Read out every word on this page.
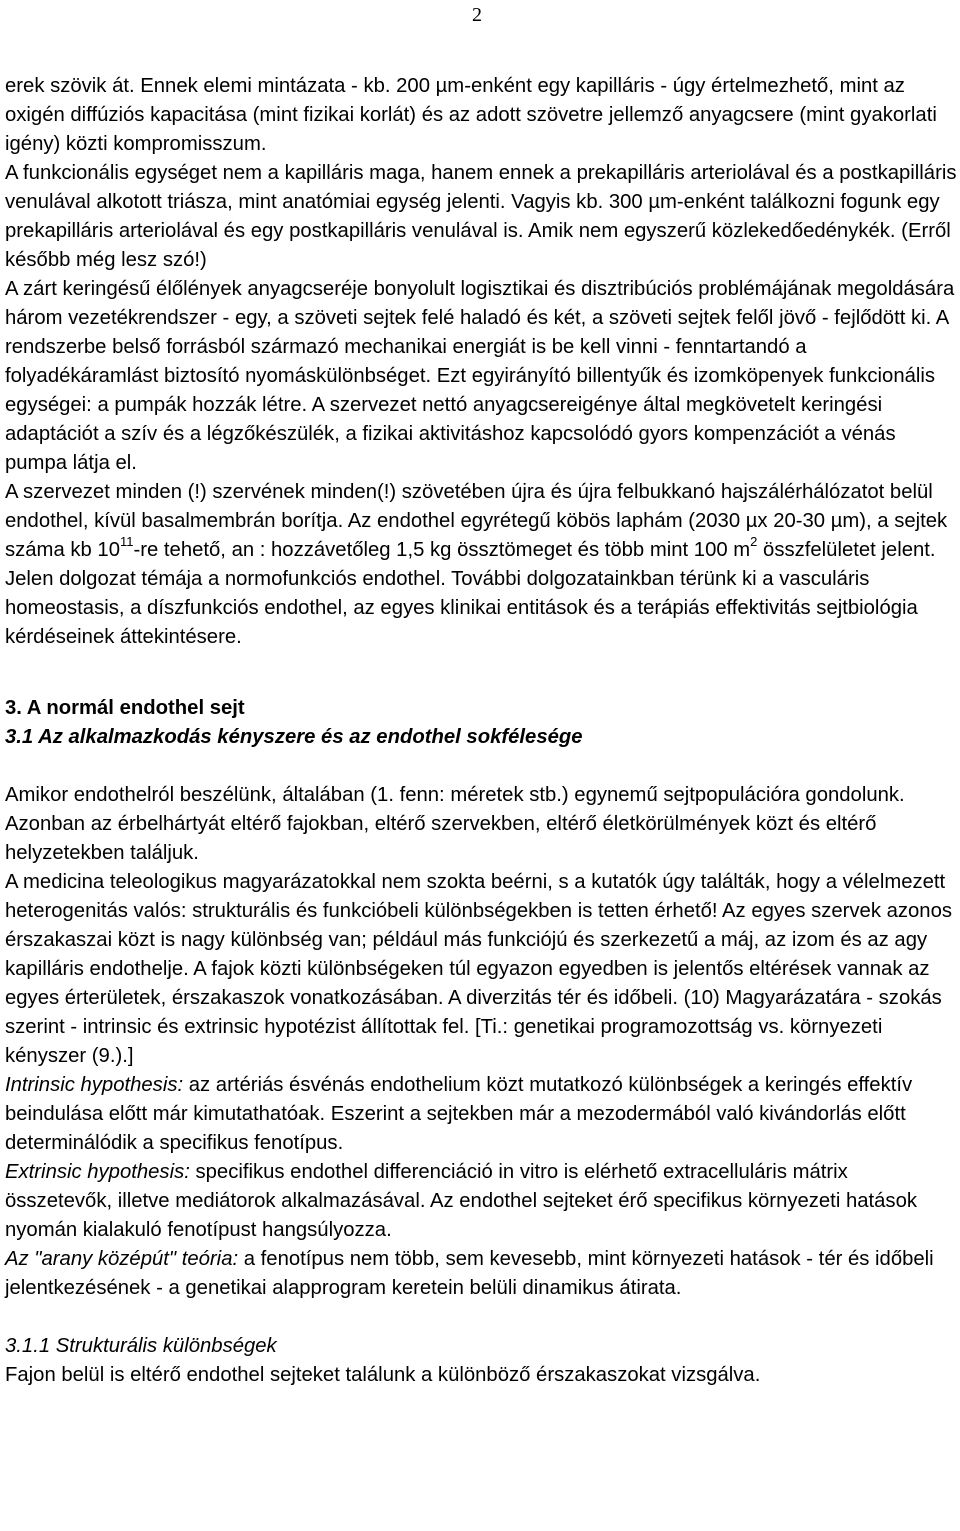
2

erek szövik át. Ennek elemi mintázata - kb. 200 µm-enként egy kapilláris - úgy értelmezhető, mint az oxigén diffúziós kapacitása (mint fizikai korlát) és az adott szövetre jellemző anyagcsere (mint gyakorlati igény) közti kompromisszum.

A funkcionális egységet nem a kapilláris maga, hanem ennek a prekapilláris arteriolával és a postkapilláris venulával alkotott triásza, mint anatómiai egység jelenti. Vagyis kb. 300 µm-enként találkozni fogunk egy prekapilláris arteriolával és egy postkapilláris venulával is. Amik nem egyszerű közlekedőedénykék. (Erről később még lesz szó!)

A zárt keringésű élőlények anyagcseréje bonyolult logisztikai és disztribúciós problémájának megoldására három vezetékrendszer - egy, a szöveti sejtek felé haladó és két, a szöveti sejtek felől jövő - fejlődött ki. A rendszerbe belső forrásból származó mechanikai energiát is be kell vinni - fenntartandó a folyadékáramlást biztosító nyomáskülönbséget. Ezt egyirányító billentyűk és izomköpenyek funkcionális egységei: a pumpák hozzák létre. A szervezet nettó anyagcsereigénye által megkövetelt keringési adaptációt a szív és a légzőkészülék, a fizikai aktivitáshoz kapcsolódó gyors kompenzációt a vénás pumpa látja el.

A szervezet minden (!) szervének minden(!) szövetében újra és újra felbukkanó hajszálérhálózatot belül endothel, kívül basalmembrán borítja. Az endothel egyrétegű köbös laphám (2030 µx 20-30 µm), a sejtek száma kb $10^{11}-re$ tehető, an : hozzávetőleg 1,5 kg össztömeget és több mint 100 $m^2$ összfelületet jelent.

Jelen dolgozat témája a normofunkciós endothel. További dolgozatainkban térünk ki a vasculáris homeostasis, a díszfunkciós endothel, az egyes klinikai entitások és a terápiás effektivitás sejtbiológia kérdéseinek áttekintésere.

3. A normál endothel sejt

3.1 Az alkalmazkodás kényszere és az endothel sokfélesége

Amikor endothelról beszélünk, általában (1. fenn: méretek stb.) egynemű sejtpopulációra gondolunk. Azonban az érbelhártyát eltérő fajokban, eltérő szervekben, eltérő életkörülmények közt és eltérő helyzetekben találjuk.

A medicina teleologikus magyarázatokkal nem szokta beérni, s a kutatók úgy találták, hogy a vélelmezett heterogenitás valós: strukturális és funkcióbeli különbségekben is tetten érhető! Az egyes szervek azonos érszakaszai közt is nagy különbség van; például más funkciójú és szerkezetű a máj, az izom és az agy kapilláris endothelje. A fajok közti különbségeken túl egyazon egyedben is jelentős eltérések vannak az egyes érterületek, érszakaszok vonatkozásában. A diverzitás tér és időbeli. (10) Magyarázatára - szokás szerint - intrinsic és extrinsic hypotézist állítottak fel. [Ti.: genetikai programozottság vs. környezeti kényszer (9.).]

Intrinsic hypothesis: az artériás ésvénás endothelium közt mutatkozó különbségek a keringés effektív beindulása előtt már kimutathatóak. Eszerint a sejtekben már a mezodermából való kivándorlás előtt determinálódik a specifikus fenotípus.

Extrinsic hypothesis: specifikus endothel differenciáció in vitro is elérhető extracelluláris mátrix összetevők, illetve mediátorok alkalmazásával. Az endothel sejteket érő specifikus környezeti hatások nyomán kialakuló fenotípust hangsúlyozza.

Az "arany középút" teória: a fenotípus nem több, sem kevesebb, mint környezeti hatások - tér és időbeli jelentkezésének - a genetikai alapprogram keretein belüli dinamikus átirata.

3.1.1 Strukturális különbségek

Fajon belül is eltérő endothel sejteket találunk a különböző érszakaszokat vizsgálva.
